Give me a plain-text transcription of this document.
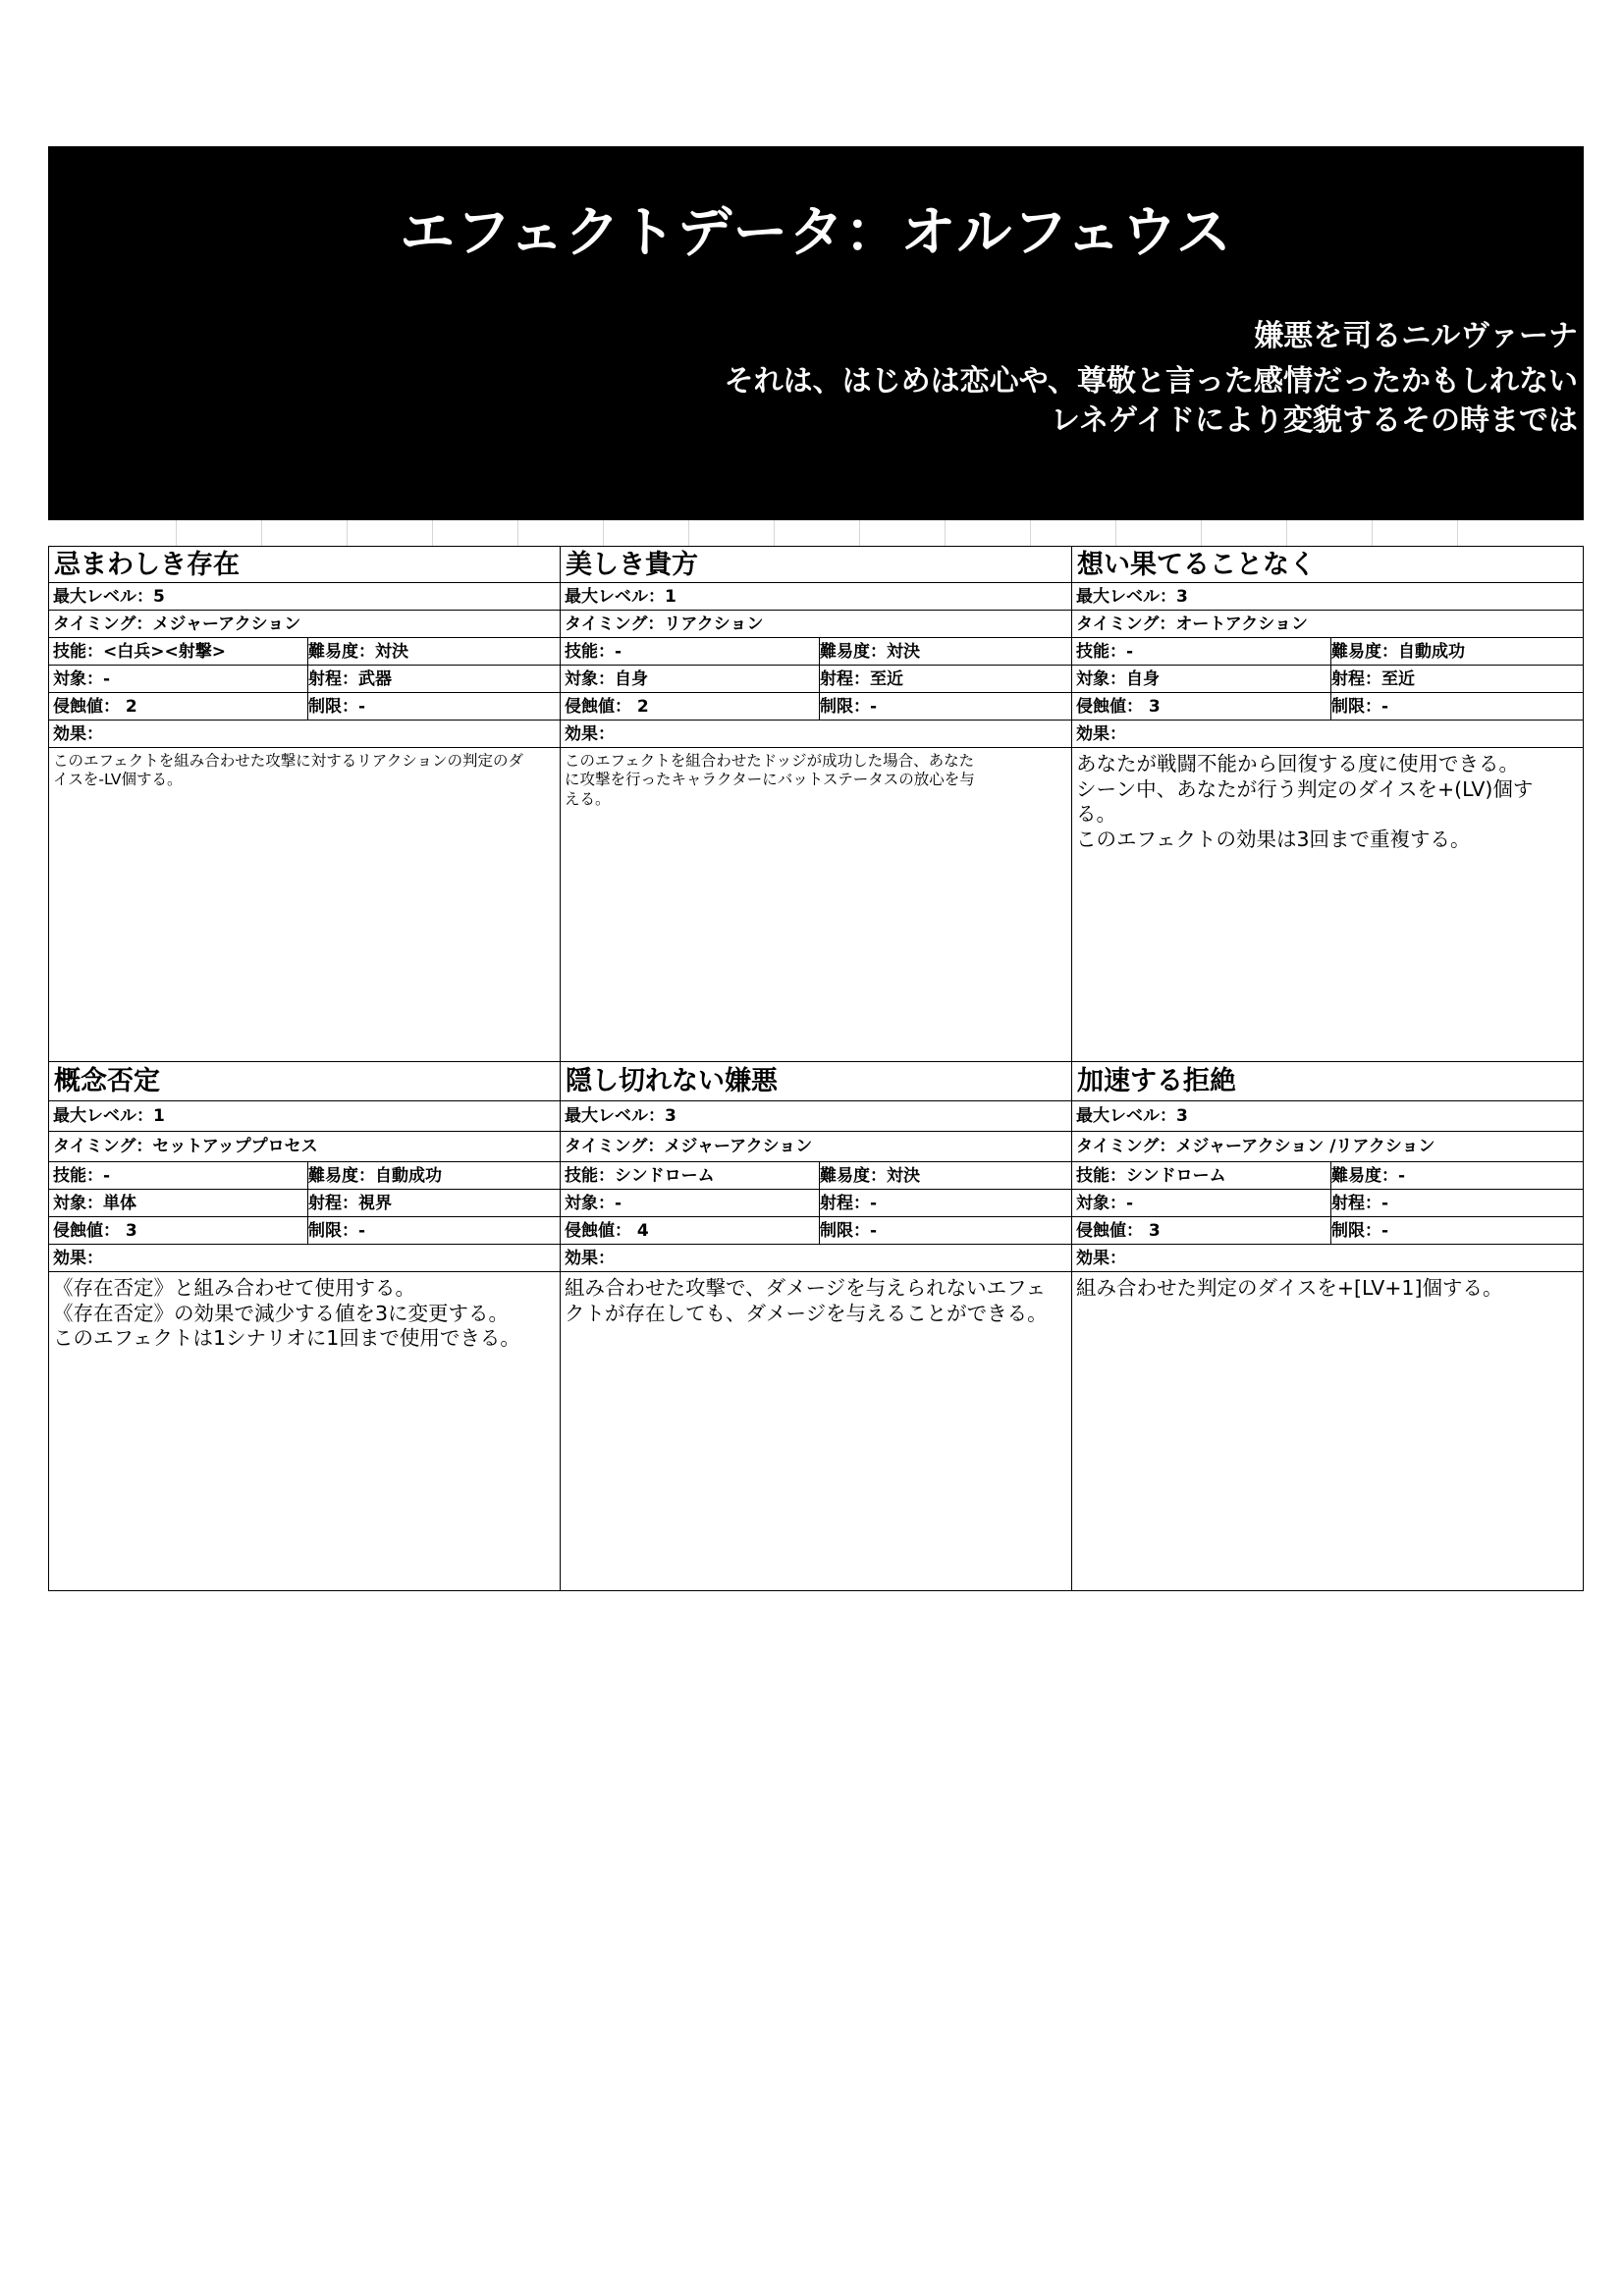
エフェクトデータ：オルフェウス
嫌悪を司るニルヴァーナ
それは、はじめは恋心や、尊敬と言った感情だったかもしれない
レネゲイドにより変貌するその時までは
忌まわしき存在
最大レベル：5
タイミング：メジャーアクション
技能：<白兵><射撃>	難易度：対決
対象：-	射程：武器
侵蝕値： 2	制限：-
効果：
このエフェクトを組み合わせた攻撃に対するリアクションの判定のダ
イスを-LV個する。
美しき貴方
最大レベル：1
タイミング：リアクション
技能：-	難易度：対決
対象：自身	射程：至近
侵蝕値： 2	制限：-
効果：
このエフェクトを組合わせたドッジが成功した場合、あなた
に攻撃を行ったキャラクターにバットステータスの放心を与
える。
想い果てることなく
最大レベル：3
タイミング：オートアクション
技能：-	難易度：自動成功
対象：自身	射程：至近
侵蝕値： 3	制限：-
効果：
あなたが戦闘不能から回復する度に使用できる。
シーン中、あなたが行う判定のダイスを+(LV)個す
る。
このエフェクトの効果は3回まで重複する。
概念否定
最大レベル：1
タイミング：セットアッププロセス
技能：-	難易度：自動成功
対象：単体	射程：視界
侵蝕値： 3	制限：-
効果：
《存在否定》と組み合わせて使用する。
《存在否定》の効果で減少する値を3に変更する。
このエフェクトは1シナリオに1回まで使用できる。
隠し切れない嫌悪
最大レベル：3
タイミング：メジャーアクション
技能：シンドローム	難易度：対決
対象：-	射程：-
侵蝕値： 4	制限：-
効果：
組み合わせた攻撃で、ダメージを与えられないエフェ
クトが存在しても、ダメージを与えることができる。
加速する拒絶
最大レベル：3
タイミング：メジャーアクション /リアクション
技能：シンドローム	難易度：-
対象：-	射程：-
侵蝕値： 3	制限：-
効果：
組み合わせた判定のダイスを+[LV+1]個する。
